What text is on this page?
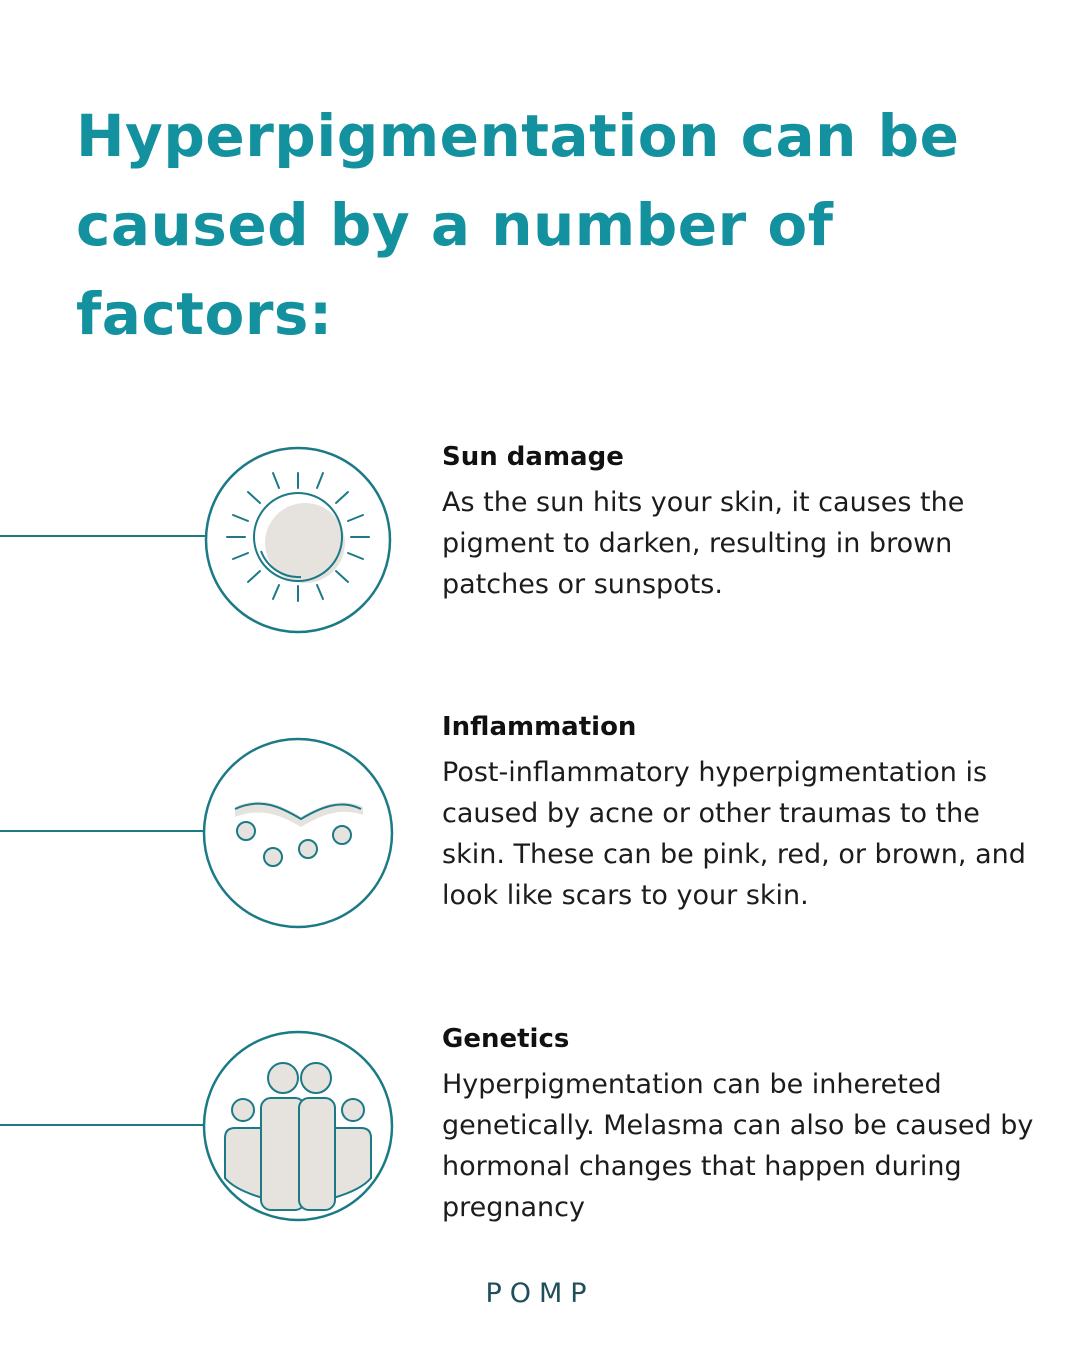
Hyperpigmentation can be caused by a number of factors:

Sun damage

As the sun hits your skin, it causes the pigment to darken, resulting in brown patches or sunspots.

Inflammation

Post-inflammatory hyperpigmentation is caused by acne or other traumas to the skin. These can be pink, red, or brown, and look like scars to your skin.

Genetics

Hyperpigmentation can be inhereted genetically. Melasma can also be caused by hormonal changes that happen during pregnancy

POMP
